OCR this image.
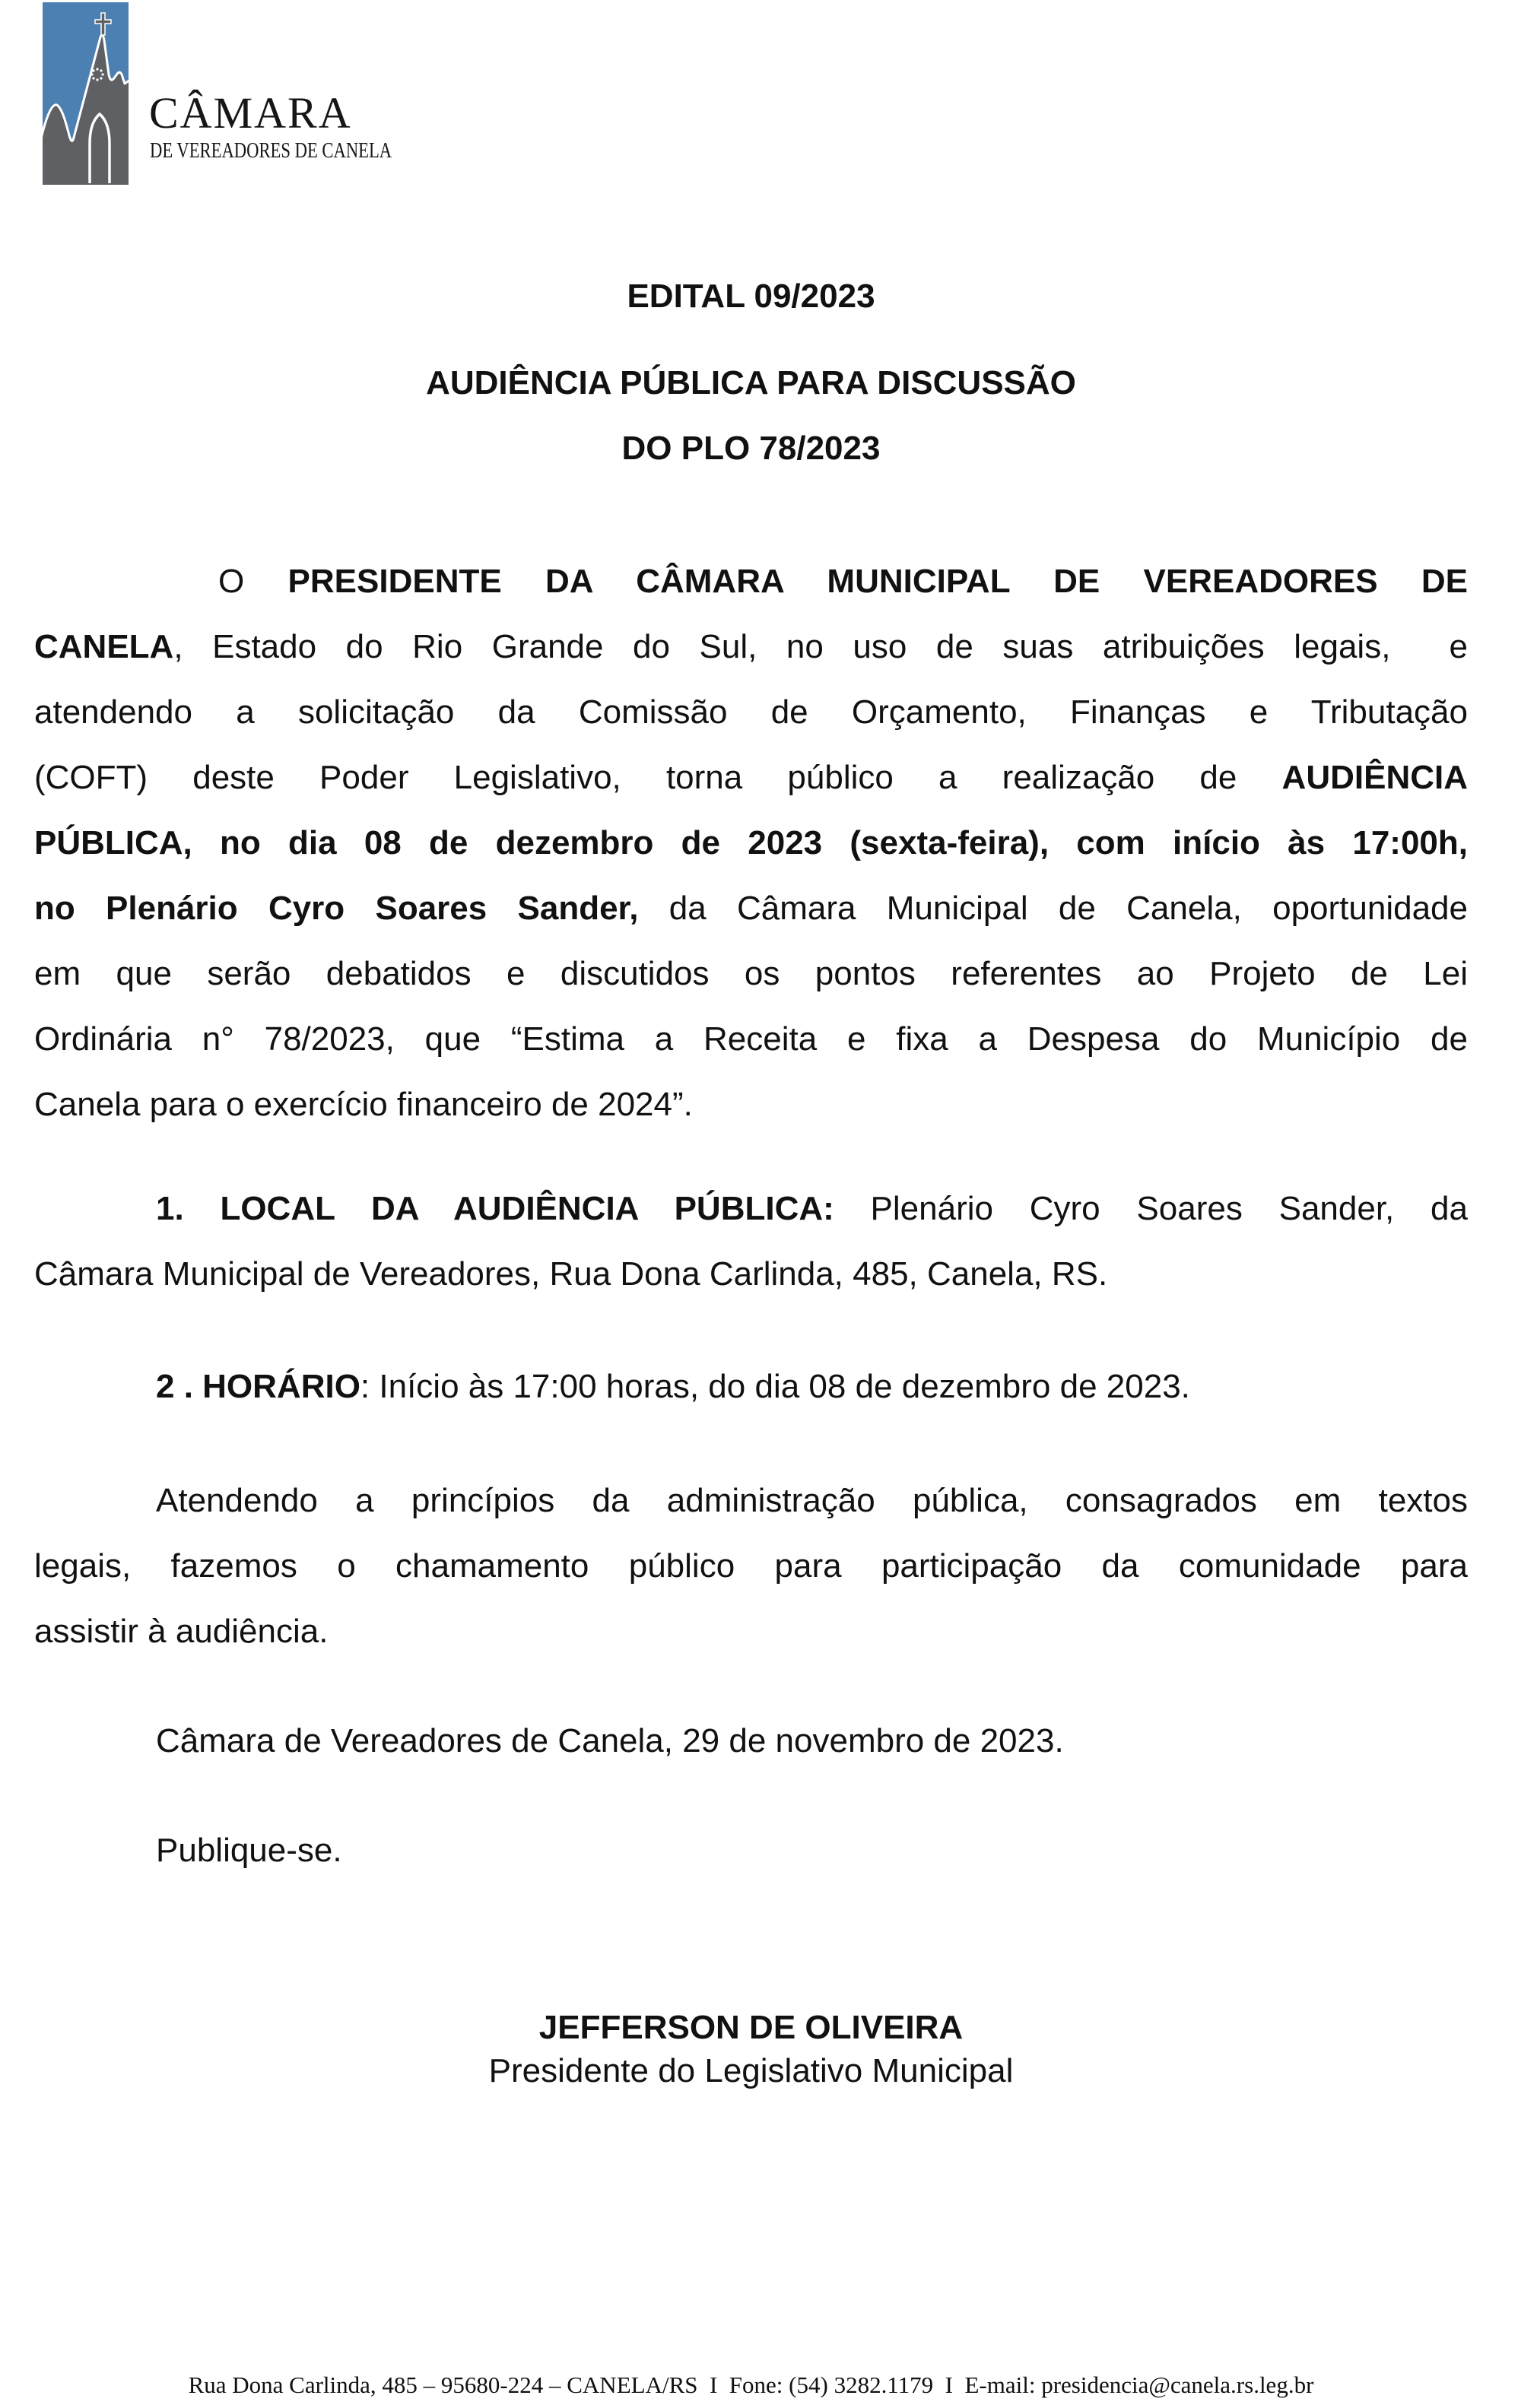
CÂMARA
DE VEREADORES DE CANELA
EDITAL 09/2023
AUDIÊNCIA PÚBLICA PARA DISCUSSÃO
DO PLO 78/2023
O PRESIDENTE DA CÂMARA MUNICIPAL DE VEREADORES DE
CANELA, Estado do Rio Grande do Sul, no uso de suas atribuições legais,  e
atendendo a solicitação da Comissão de Orçamento, Finanças e Tributação
(COFT) deste Poder Legislativo, torna público a realização de AUDIÊNCIA
PÚBLICA, no dia 08 de dezembro de 2023 (sexta-feira), com início às 17:00h,
no Plenário Cyro Soares Sander, da Câmara Municipal de Canela, oportunidade
em que serão debatidos e discutidos os pontos referentes ao Projeto de Lei
Ordinária n° 78/2023, que “Estima a Receita e fixa a Despesa do Município de
Canela para o exercício financeiro de 2024”.
1. LOCAL DA AUDIÊNCIA PÚBLICA: Plenário Cyro Soares Sander, da
Câmara Municipal de Vereadores, Rua Dona Carlinda, 485, Canela, RS.
2 . HORÁRIO: Início às 17:00 horas, do dia 08 de dezembro de 2023.
Atendendo a princípios da administração pública, consagrados em textos
legais, fazemos o chamamento público para participação da comunidade para
assistir à audiência.
Câmara de Vereadores de Canela, 29 de novembro de 2023.
Publique-se.
JEFFERSON DE OLIVEIRA
Presidente do Legislativo Municipal
Rua Dona Carlinda, 485 – 95680-224 – CANELA/RS  I  Fone: (54) 3282.1179  I  E-mail: presidencia@canela.rs.leg.br
